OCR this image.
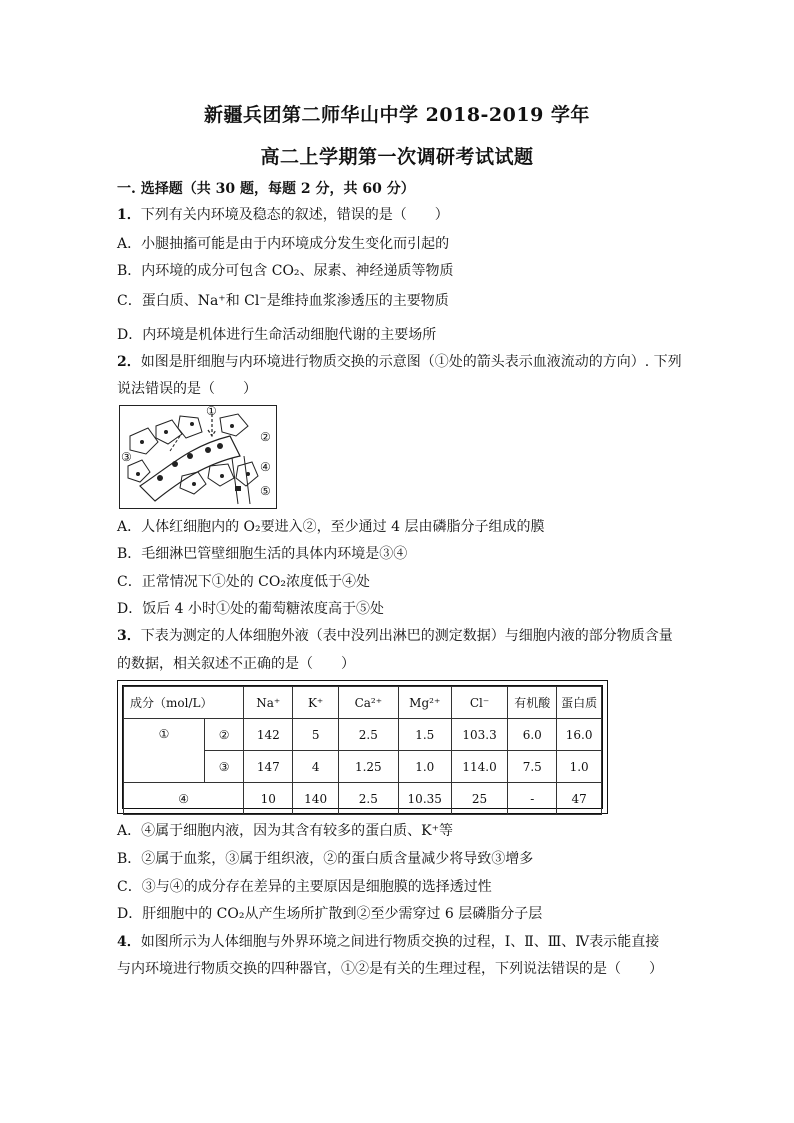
新疆兵团第二师华山中学 2018-2019 学年
高二上学期第一次调研考试试题
一. 选择题（共 30 题，每题 2 分，共 60 分）
1．下列有关内环境及稳态的叙述，错误的是（　　）
A．小腿抽搐可能是由于内环境成分发生变化而引起的
B．内环境的成分可包含 CO₂、尿素、神经递质等物质
C．蛋白质、Na⁺和 Cl⁻是维持血浆渗透压的主要物质
D．内环境是机体进行生命活动细胞代谢的主要场所
2．如图是肝细胞与内环境进行物质交换的示意图（①处的箭头表示血液流动的方向）. 下列
说法错误的是（　　）
①
②
③
④
⑤
A．人体红细胞内的 O₂要进入②，至少通过 4 层由磷脂分子组成的膜
B．毛细淋巴管壁细胞生活的具体内环境是③④
C．正常情况下①处的 CO₂浓度低于④处
D．饭后 4 小时①处的葡萄糖浓度高于⑤处
3．下表为测定的人体细胞外液（表中没列出淋巴的测定数据）与细胞内液的部分物质含量
的数据，相关叙述不正确的是（　　）
成分（mol/L）		Na⁺	K⁺	Ca²⁺	Mg²⁺	Cl⁻	有机酸	蛋白质
①	②	142	5	2.5	1.5	103.3	6.0	16.0
	③	147	4	1.25	1.0	114.0	7.5	1.0
④		10	140	2.5	10.35	25	-	47
A．④属于细胞内液，因为其含有较多的蛋白质、K⁺等
B．②属于血浆，③属于组织液，②的蛋白质含量减少将导致③增多
C．③与④的成分存在差异的主要原因是细胞膜的选择透过性
D．肝细胞中的 CO₂从产生场所扩散到②至少需穿过 6 层磷脂分子层
4．如图所示为人体细胞与外界环境之间进行物质交换的过程，Ⅰ、Ⅱ、Ⅲ、Ⅳ表示能直接
与内环境进行物质交换的四种器官，①②是有关的生理过程，下列说法错误的是（　　）
